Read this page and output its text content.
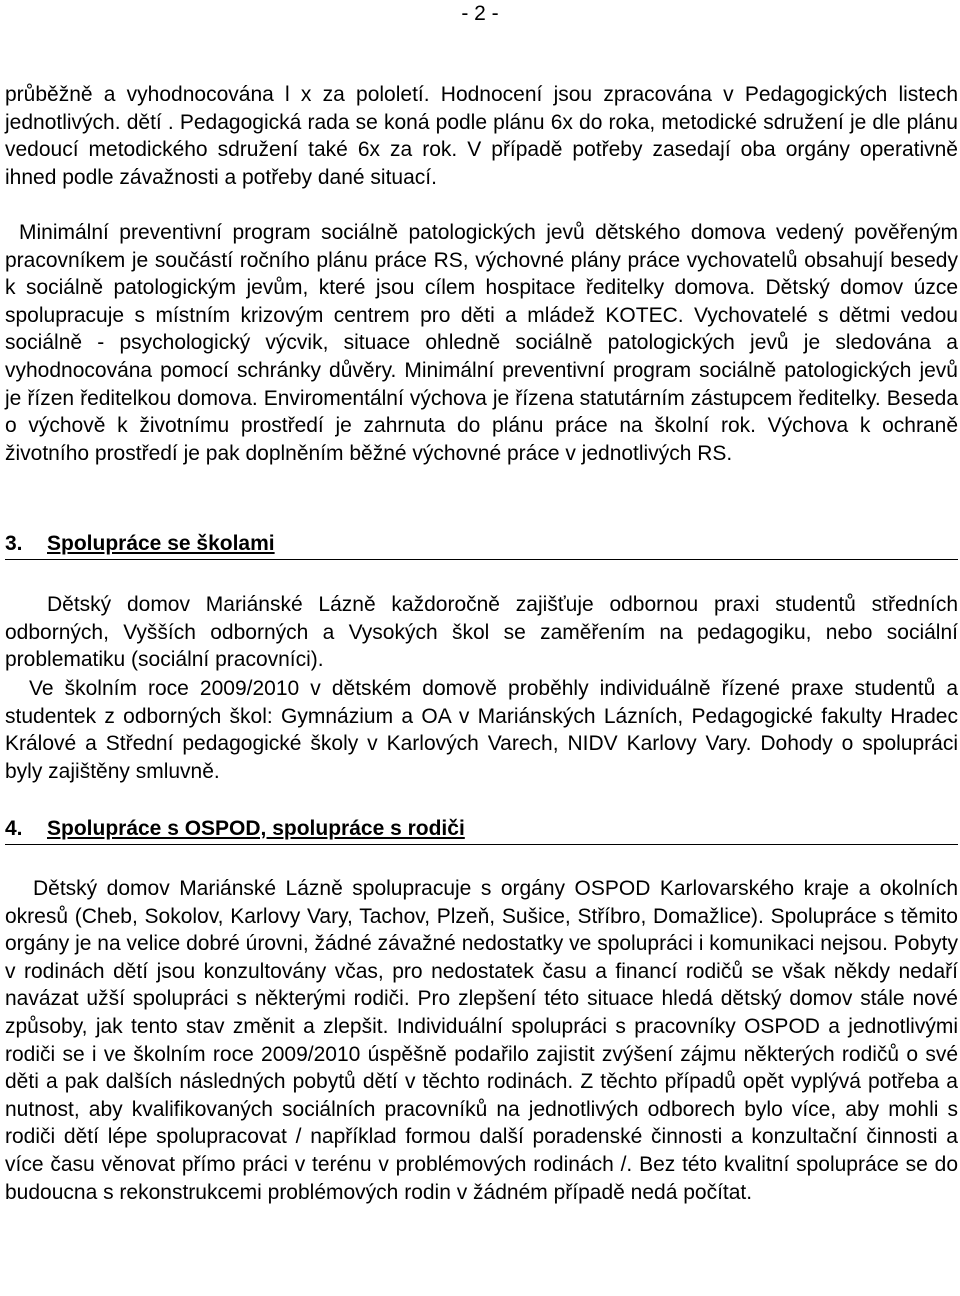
- 2 -

průběžně a vyhodnocována l x za pololetí. Hodnocení jsou zpracována v Pedagogických listech jednotlivých. dětí . Pedagogická rada se koná podle plánu 6x do roka, metodické sdružení je dle plánu vedoucí metodického sdružení také 6x za rok. V případě potřeby zasedají oba orgány operativně ihned podle závažnosti a potřeby dané situací.

Minimální preventivní program sociálně patologických jevů dětského domova vedený pověřeným pracovníkem je součástí ročního plánu práce RS, výchovné plány práce vychovatelů obsahují besedy k sociálně patologickým jevům, které jsou cílem hospitace ředitelky domova. Dětský domov úzce spolupracuje s místním krizovým centrem pro děti a mládež KOTEC. Vychovatelé s dětmi vedou sociálně - psychologický výcvik, situace ohledně sociálně patologických jevů je sledována a vyhodnocována pomocí schránky důvěry. Minimální preventivní program sociálně patologických jevů je řízen ředitelkou domova. Enviromentální výchova je řízena statutárním zástupcem ředitelky. Beseda o výchově k životnímu prostředí je zahrnuta do plánu práce na školní rok. Výchova k ochraně životního prostředí je pak doplněním běžné výchovné práce v jednotlivých RS.

3. Spolupráce se školami

Dětský domov Mariánské Lázně každoročně zajišťuje odbornou praxi studentů středních odborných, Vyšších odborných a Vysokých škol se zaměřením na pedagogiku, nebo sociální problematiku (sociální pracovníci).

Ve školním roce 2009/2010 v dětském domově proběhly individuálně řízené praxe studentů a studentek z odborných škol: Gymnázium a OA v Mariánských Lázních, Pedagogické fakulty Hradec Králové a Střední pedagogické školy v Karlových Varech, NIDV Karlovy Vary. Dohody o spolupráci byly zajištěny smluvně.

4. Spolupráce s OSPOD, spolupráce s rodiči

Dětský domov Mariánské Lázně spolupracuje s orgány OSPOD Karlovarského kraje a okolních okresů (Cheb, Sokolov, Karlovy Vary, Tachov, Plzeň, Sušice, Stříbro, Domažlice). Spolupráce s těmito orgány je na velice dobré úrovni, žádné závažné nedostatky ve spolupráci i komunikaci nejsou. Pobyty v rodinách dětí jsou konzultovány včas, pro nedostatek času a financí rodičů se však někdy nedaří navázat užší spolupráci s některými rodiči. Pro zlepšení této situace hledá dětský domov stále nové způsoby, jak tento stav změnit a zlepšit. Individuální spolupráci s pracovníky OSPOD a jednotlivými rodiči se i ve školním roce 2009/2010 úspěšně podařilo zajistit zvýšení zájmu některých rodičů o své děti a pak dalších následných pobytů dětí v těchto rodinách. Z těchto případů opět vyplývá potřeba a nutnost, aby kvalifikovaných sociálních pracovníků na jednotlivých odborech bylo více, aby mohli s rodiči dětí lépe spolupracovat / například formou další poradenské činnosti a konzultační činnosti a více času věnovat přímo práci v terénu v problémových rodinách /. Bez této kvalitní spolupráce se do budoucna s rekonstrukcemi problémových rodin v žádném případě nedá počítat.
